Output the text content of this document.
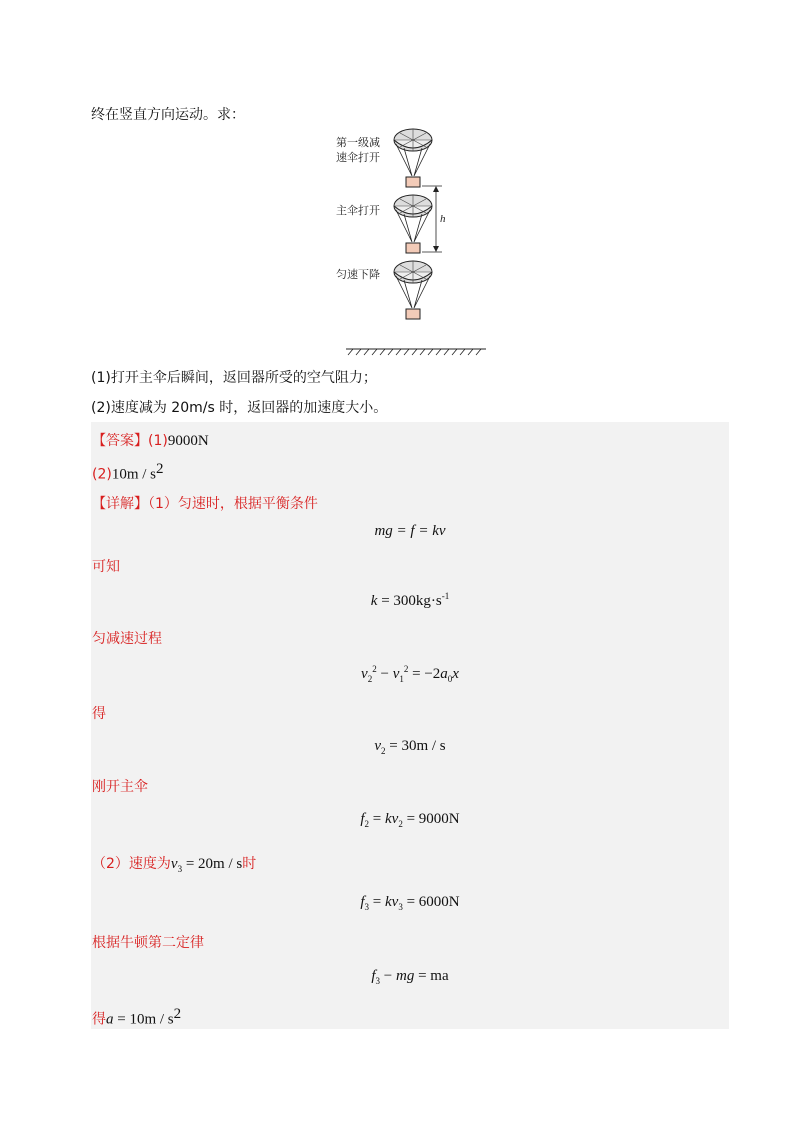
终在竖直方向运动。求：
第一级减
速伞打开
主伞打开
匀速下降
h
(1)打开主伞后瞬间，返回器所受的空气阻力；
(2)速度减为 20m/s 时，返回器的加速度大小。
【答案】(1)9000N
$(2)10m / s^2$
【详解】（1）匀速时，根据平衡条件
mg = f = kv
可知
$k = 300kg\cdot s^{-1}$
匀减速过程
$v_2^2 - v_1^2 = -2a_0x$
得
$v_2 = 30m / s$
刚开主伞
$f_2 = kv_2 = 9000N$
（2）速度为$v_3 = 20m / s$时
$f_3 = kv_3 = 6000N$
根据牛顿第二定律
$f_3$ − mg = ma
得$a = 10m / s^2$
